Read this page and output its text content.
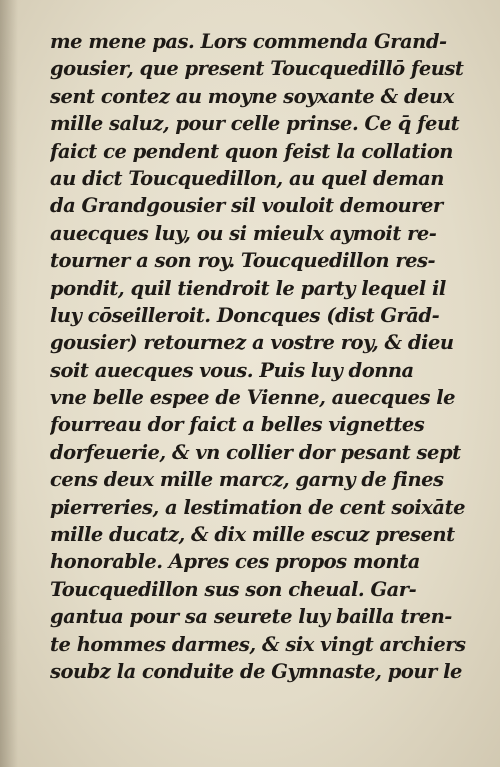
me mene pas. Lors commenda Grand‑
gousier, que present Toucquedillō feust
sent contez au moyne soyxante & deux
mille saluz, pour celle prinse. Ce q̄ feut
faict ce pendent quon feist la collation
au dict Toucquedillon, au quel deman
da Grandgousier sil vouloit demourer
auecques luy, ou si mieulx aymoit re‑
tourner a son roy. Toucquedillon res‑
pondit, quil tiendroit le party lequel il
luy cōseilleroit. Doncques (dist Grād‑
gousier) retournez a vostre roy, & dieu
soit auecques vous. Puis luy donna
vne belle espee de Vienne, auecques le
fourreau dor faict a belles vignettes
dorfeuerie, & vn collier dor pesant sept
cens deux mille marcz, garny de fines
pierreries, a lestimation de cent soixāte
mille ducatz, & dix mille escuz present
honorable. Apres ces propos monta
Toucquedillon sus son cheual. Gar‑
gantua pour sa seurete luy bailla tren‑
te hommes darmes, & six vingt archiers
soubz la conduite de Gymnaste, pour le
